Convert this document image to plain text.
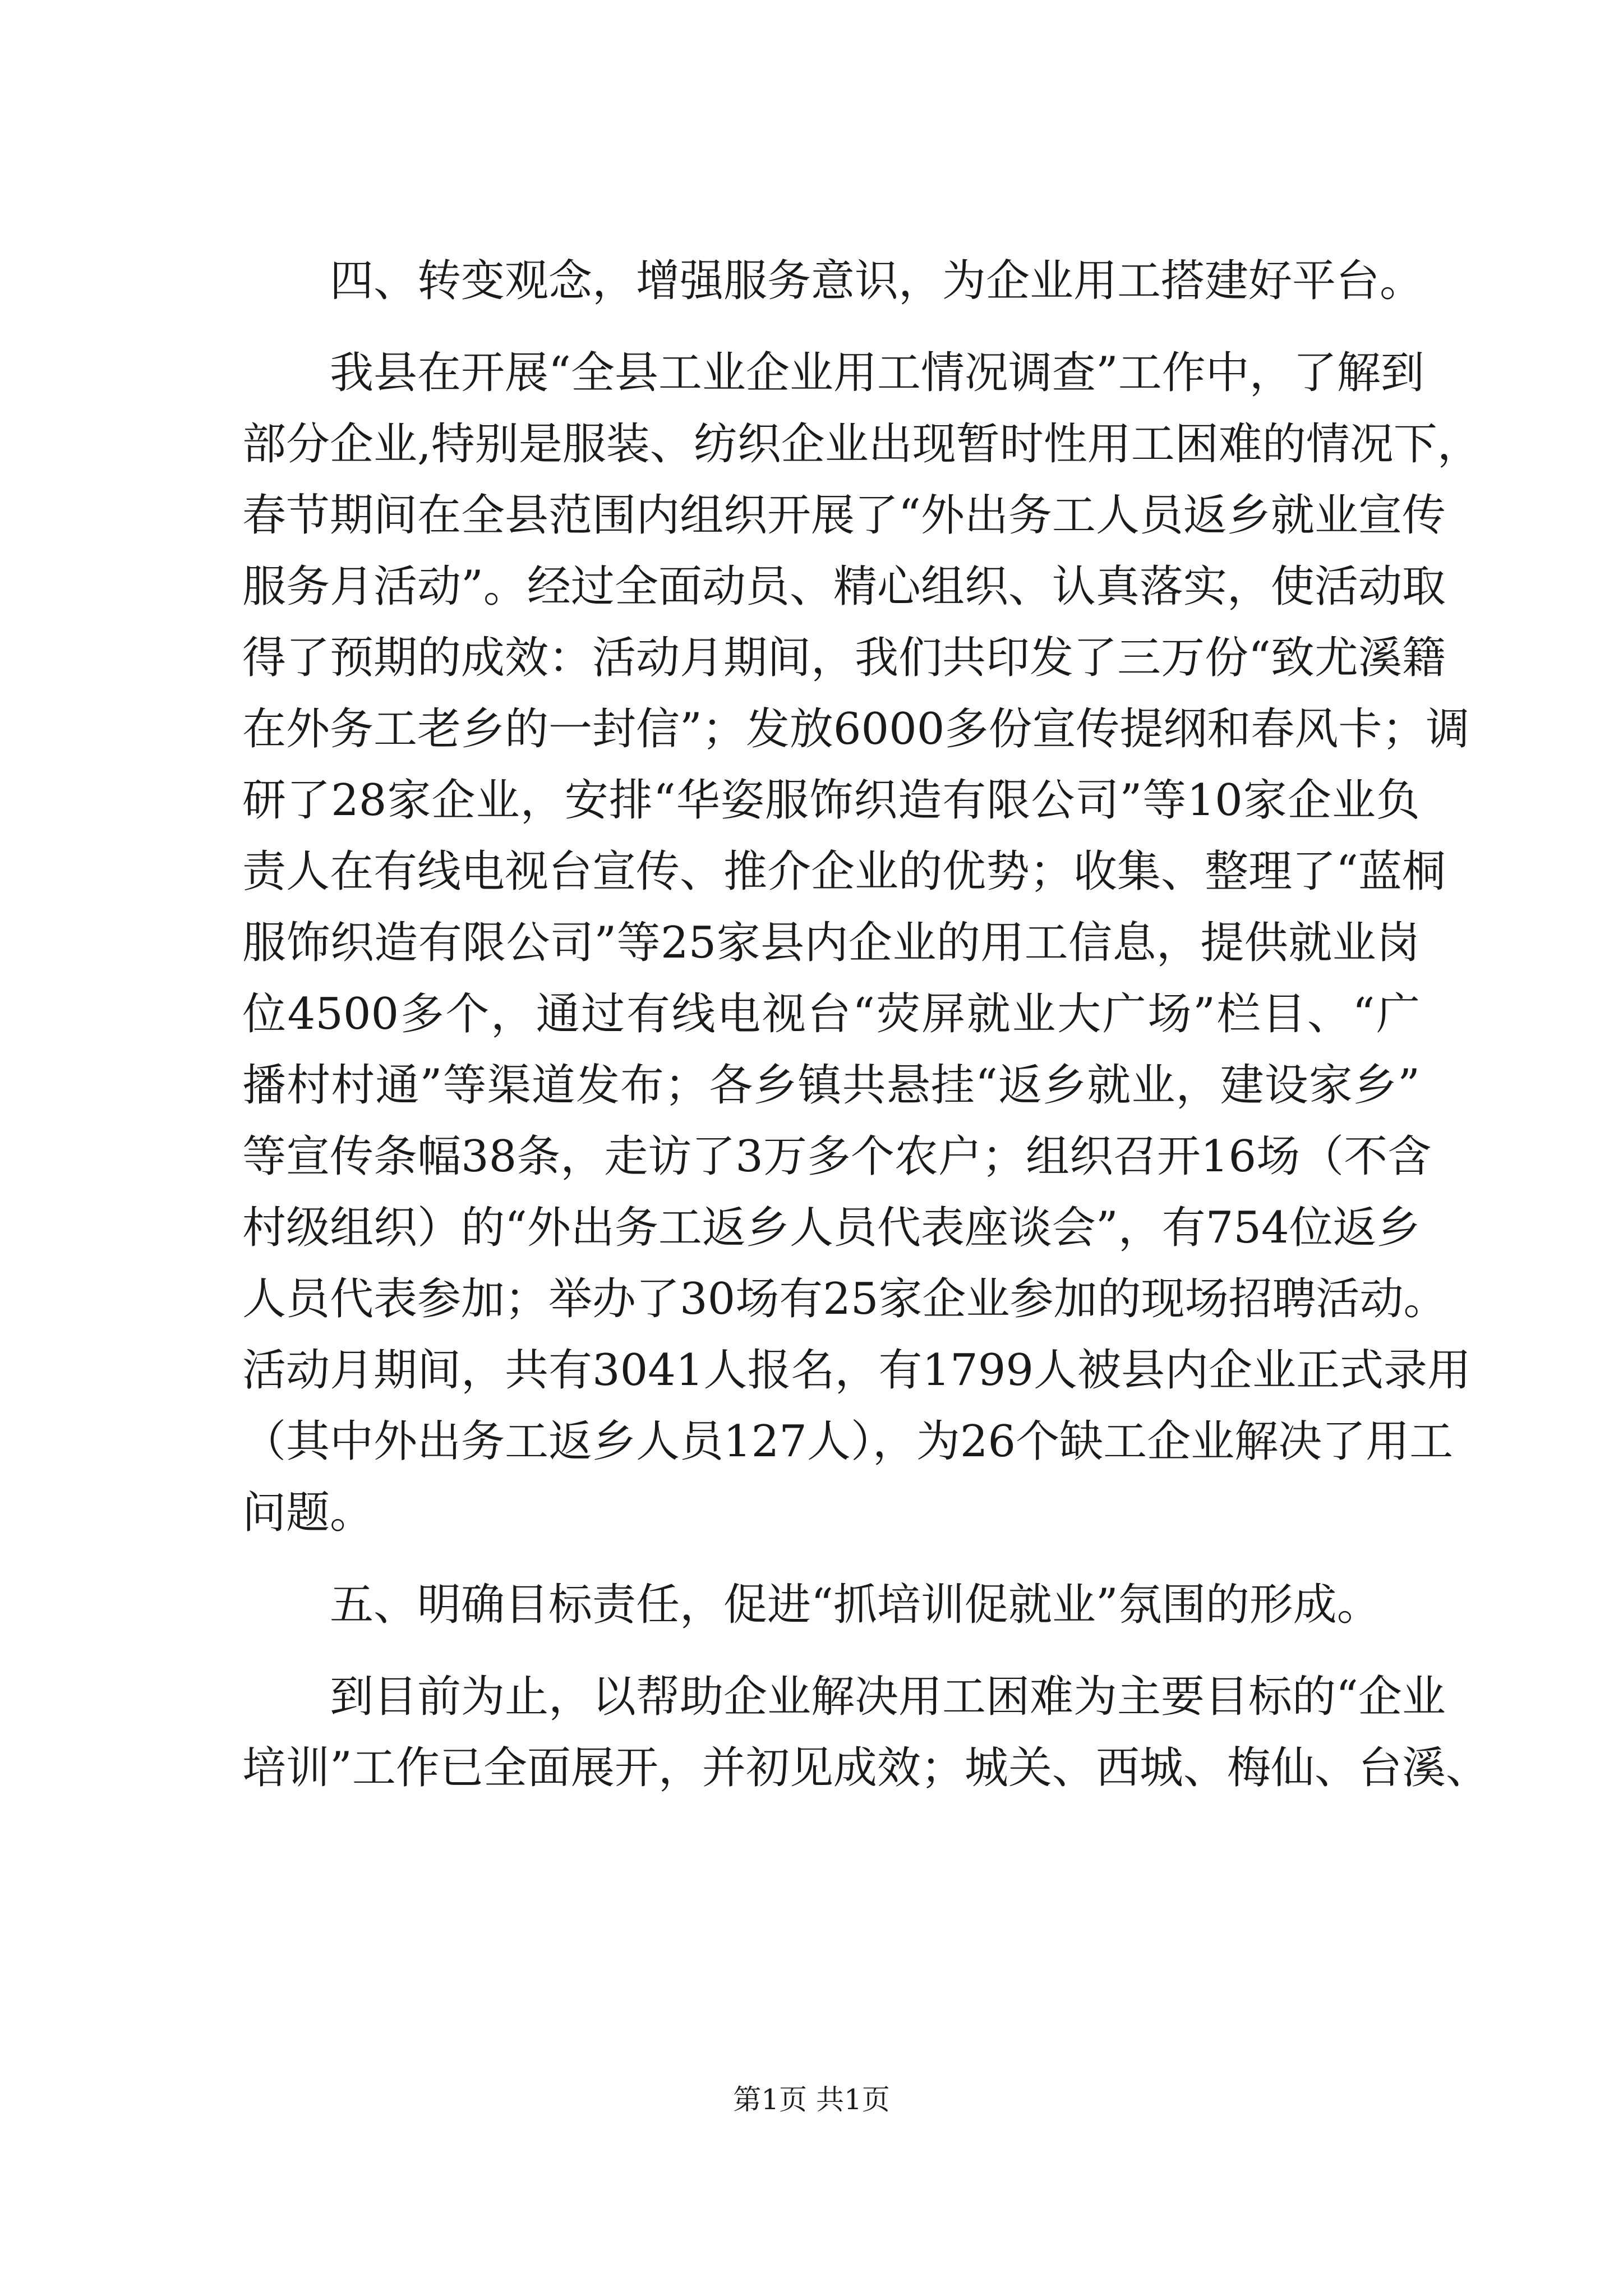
四、转变观念，增强服务意识，为企业用工搭建好平台。
我县在开展“全县工业企业用工情况调查”工作中，了解到
部分企业,特别是服装、纺织企业出现暂时性用工困难的情况下，
春节期间在全县范围内组织开展了“外出务工人员返乡就业宣传
服务月活动”。经过全面动员、精心组织、认真落实，使活动取
得了预期的成效：活动月期间，我们共印发了三万份“致尤溪籍
在外务工老乡的一封信”；发放6000多份宣传提纲和春风卡；调
研了28家企业，安排“华姿服饰织造有限公司”等10家企业负
责人在有线电视台宣传、推介企业的优势；收集、整理了“蓝桐
服饰织造有限公司”等25家县内企业的用工信息，提供就业岗
位4500多个，通过有线电视台“荧屏就业大广场”栏目、“广
播村村通”等渠道发布；各乡镇共悬挂“返乡就业，建设家乡”
等宣传条幅38条，走访了3万多个农户；组织召开16场（不含
村级组织）的“外出务工返乡人员代表座谈会”，有754位返乡
人员代表参加；举办了30场有25家企业参加的现场招聘活动。
活动月期间，共有3041人报名，有1799人被县内企业正式录用
（其中外出务工返乡人员127人），为26个缺工企业解决了用工
问题。
五、明确目标责任，促进“抓培训促就业”氛围的形成。
到目前为止，以帮助企业解决用工困难为主要目标的“企业
培训”工作已全面展开，并初见成效；城关、西城、梅仙、台溪、
第1页 共1页
